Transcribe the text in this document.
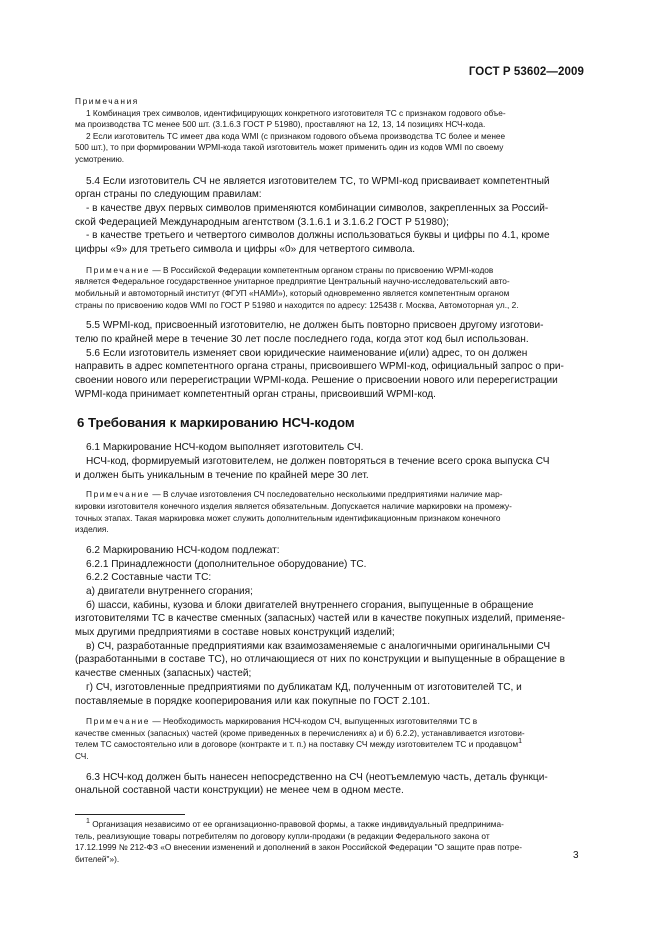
ГОСТ Р 53602—2009

Примечания

1 Комбинация трех символов, идентифицирующих конкретного изготовителя ТС с признаком годового объе-

ма производства ТС менее 500 шт. (3.1.6.3 ГОСТ Р 51980), проставляют на 12, 13, 14 позициях НСЧ-кода.

2 Если изготовитель ТС имеет два кода WMI (с признаком годового объема производства ТС более и менее

500 шт.), то при формировании WPMI-кода такой изготовитель может применить один из кодов WMI по своему

усмотрению.

5.4 Если изготовитель СЧ не является изготовителем ТС, то WPMI-код присваивает компетентный

орган страны по следующим правилам:

- в качестве двух первых символов применяются комбинации символов, закрепленных за Россий-

ской Федерацией Международным агентством (3.1.6.1 и 3.1.6.2 ГОСТ Р 51980);

- в качестве третьего и четвертого символов должны использоваться буквы и цифры по 4.1, кроме

цифры «9» для третьего символа и цифры «0» для четвертого символа.

Примечание — В Российской Федерации компетентным органом страны по присвоению WPMI-кодов

является Федеральное государственное унитарное предприятие Центральный научно-исследовательский авто-

мобильный и автомоторный институт (ФГУП «НАМИ»), который одновременно является компетентным органом

страны по присвоению кодов WMI по ГОСТ Р 51980 и находится по адресу: 125438 г. Москва, Автомоторная ул., 2.

5.5 WPMI-код, присвоенный изготовителю, не должен быть повторно присвоен другому изготови-

телю по крайней мере в течение 30 лет после последнего года, когда этот код был использован.

5.6 Если изготовитель изменяет свои юридические наименование и(или) адрес, то он должен

направить в адрес компетентного органа страны, присвоившего WPMI-код, официальный запрос о при-

своении нового или перерегистрации WPMI-кода. Решение о присвоении нового или перерегистрации

WPMI-кода принимает компетентный орган страны, присвоивший WPMI-код.

6 Требования к маркированию НСЧ-кодом

6.1 Маркирование НСЧ-кодом выполняет изготовитель СЧ.

НСЧ-код, формируемый изготовителем, не должен повторяться в течение всего срока выпуска СЧ

и должен быть уникальным в течение по крайней мере 30 лет.

Примечание — В случае изготовления СЧ последовательно несколькими предприятиями наличие мар-

кировки изготовителя конечного изделия является обязательным. Допускается наличие маркировки на промежу-

точных этапах. Такая маркировка может служить дополнительным идентификационным признаком конечного

изделия.

6.2 Маркированию НСЧ-кодом подлежат:

6.2.1 Принадлежности (дополнительное оборудование) ТС.

6.2.2 Составные части ТС:

а) двигатели внутреннего сгорания;

б) шасси, кабины, кузова и блоки двигателей внутреннего сгорания, выпущенные в обращение

изготовителями ТС в качестве сменных (запасных) частей или в качестве покупных изделий, применяе-

мых другими предприятиями в составе новых конструкций изделий;

в) СЧ, разработанные предприятиями как взаимозаменяемые с аналогичными оригинальными СЧ

(разработанными в составе ТС), но отличающиеся от них по конструкции и выпущенные в обращение в

качестве сменных (запасных) частей;

г) СЧ, изготовленные предприятиями по дубликатам КД, полученным от изготовителей ТС, и

поставляемые в порядке кооперирования или как покупные по ГОСТ 2.101.

Примечание — Необходимость маркирования НСЧ-кодом СЧ, выпущенных изготовителями ТС в

качестве сменных (запасных) частей (кроме приведенных в перечислениях а) и б) 6.2.2), устанавливается изготови-

телем ТС самостоятельно или в договоре (контракте и т. п.) на поставку СЧ между изготовителем ТС и продавцом$^1$

СЧ.

6.3 НСЧ-код должен быть нанесен непосредственно на СЧ (неотъемлемую часть, деталь функци-

ональной составной части конструкции) не менее чем в одном месте.

$^1$ Организация независимо от ее организационно-правовой формы, а также индивидуальный предпринима-

тель, реализующие товары потребителям по договору купли-продажи (в редакции Федерального закона от

17.12.1999 № 212-ФЗ «О внесении изменений и дополнений в закон Российской Федерации "О защите прав потре-

бителей"»).	3
